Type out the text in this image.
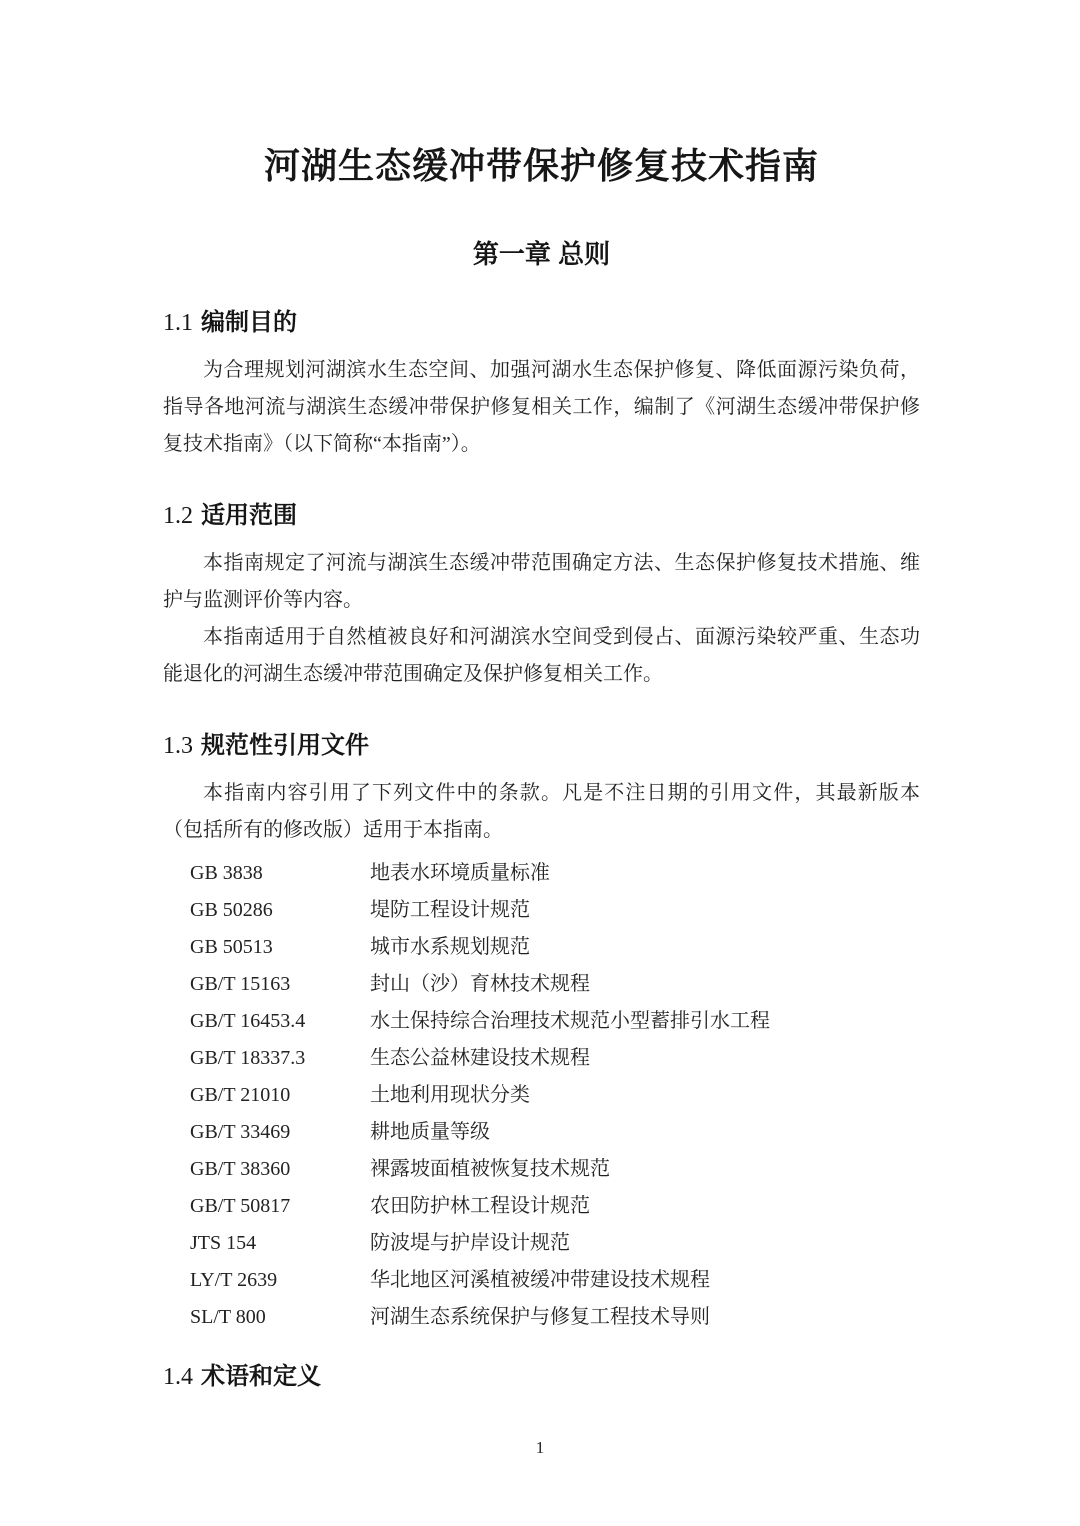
河湖生态缓冲带保护修复技术指南
第一章 总则
1.1 编制目的

为合理规划河湖滨水生态空间、加强河湖水生态保护修复、降低面源污染负荷，指导各地河流与湖滨生态缓冲带保护修复相关工作，编制了《河湖生态缓冲带保护修复技术指南》（以下简称“本指南”）。

1.2 适用范围

本指南规定了河流与湖滨生态缓冲带范围确定方法、生态保护修复技术措施、维护与监测评价等内容。

本指南适用于自然植被良好和河湖滨水空间受到侵占、面源污染较严重、生态功能退化的河湖生态缓冲带范围确定及保护修复相关工作。

1.3 规范性引用文件

本指南内容引用了下列文件中的条款。凡是不注日期的引用文件，其最新版本（包括所有的修改版）适用于本指南。

GB 3838	地表水环境质量标准
GB 50286	堤防工程设计规范
GB 50513	城市水系规划规范
GB/T 15163	封山（沙）育林技术规程
GB/T 16453.4	水土保持综合治理技术规范小型蓄排引水工程
GB/T 18337.3	生态公益林建设技术规程
GB/T 21010	土地利用现状分类
GB/T 33469	耕地质量等级
GB/T 38360	裸露坡面植被恢复技术规范
GB/T 50817	农田防护林工程设计规范
JTS 154	防波堤与护岸设计规范
LY/T 2639	华北地区河溪植被缓冲带建设技术规程
SL/T 800	河湖生态系统保护与修复工程技术导则
1.4 术语和定义
1
